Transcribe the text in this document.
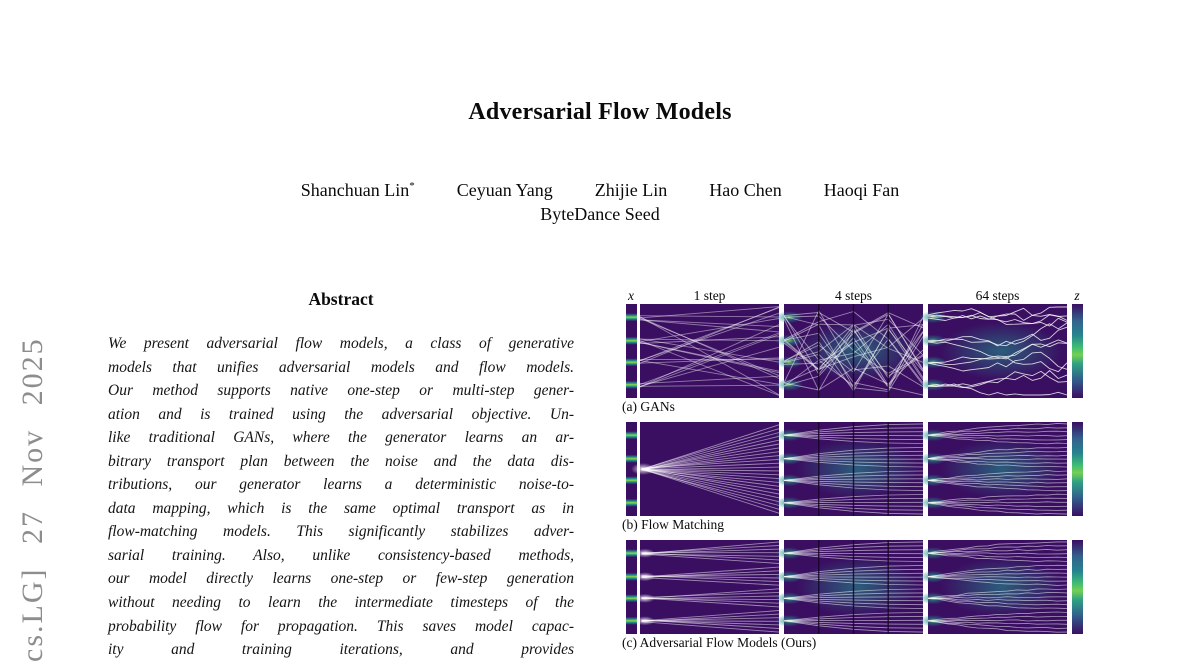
cs.LG] 27 Nov 2025
Adversarial Flow Models
Shanchuan Lin* Ceyuan Yang Zhijie Lin Hao Chen Haoqi Fan
ByteDance Seed
Abstract
We present adversarial flow models, a class of generative
models that unifies adversarial models and flow models.
Our method supports native one-step or multi-step gener-
ation and is trained using the adversarial objective. Un-
like traditional GANs, where the generator learns an ar-
bitrary transport plan between the noise and the data dis-
tributions, our generator learns a deterministic noise-to-
data mapping, which is the same optimal transport as in
flow-matching models. This significantly stabilizes adver-
sarial training. Also, unlike consistency-based methods,
our model directly learns one-step or few-step generation
without needing to learn the intermediate timesteps of the
probability flow for propagation. This saves model capac-
ity and training iterations, and provides
x	1 step	4 steps	64 steps	z
(a) GANs
(b) Flow Matching
(c) Adversarial Flow Models (Ours)
